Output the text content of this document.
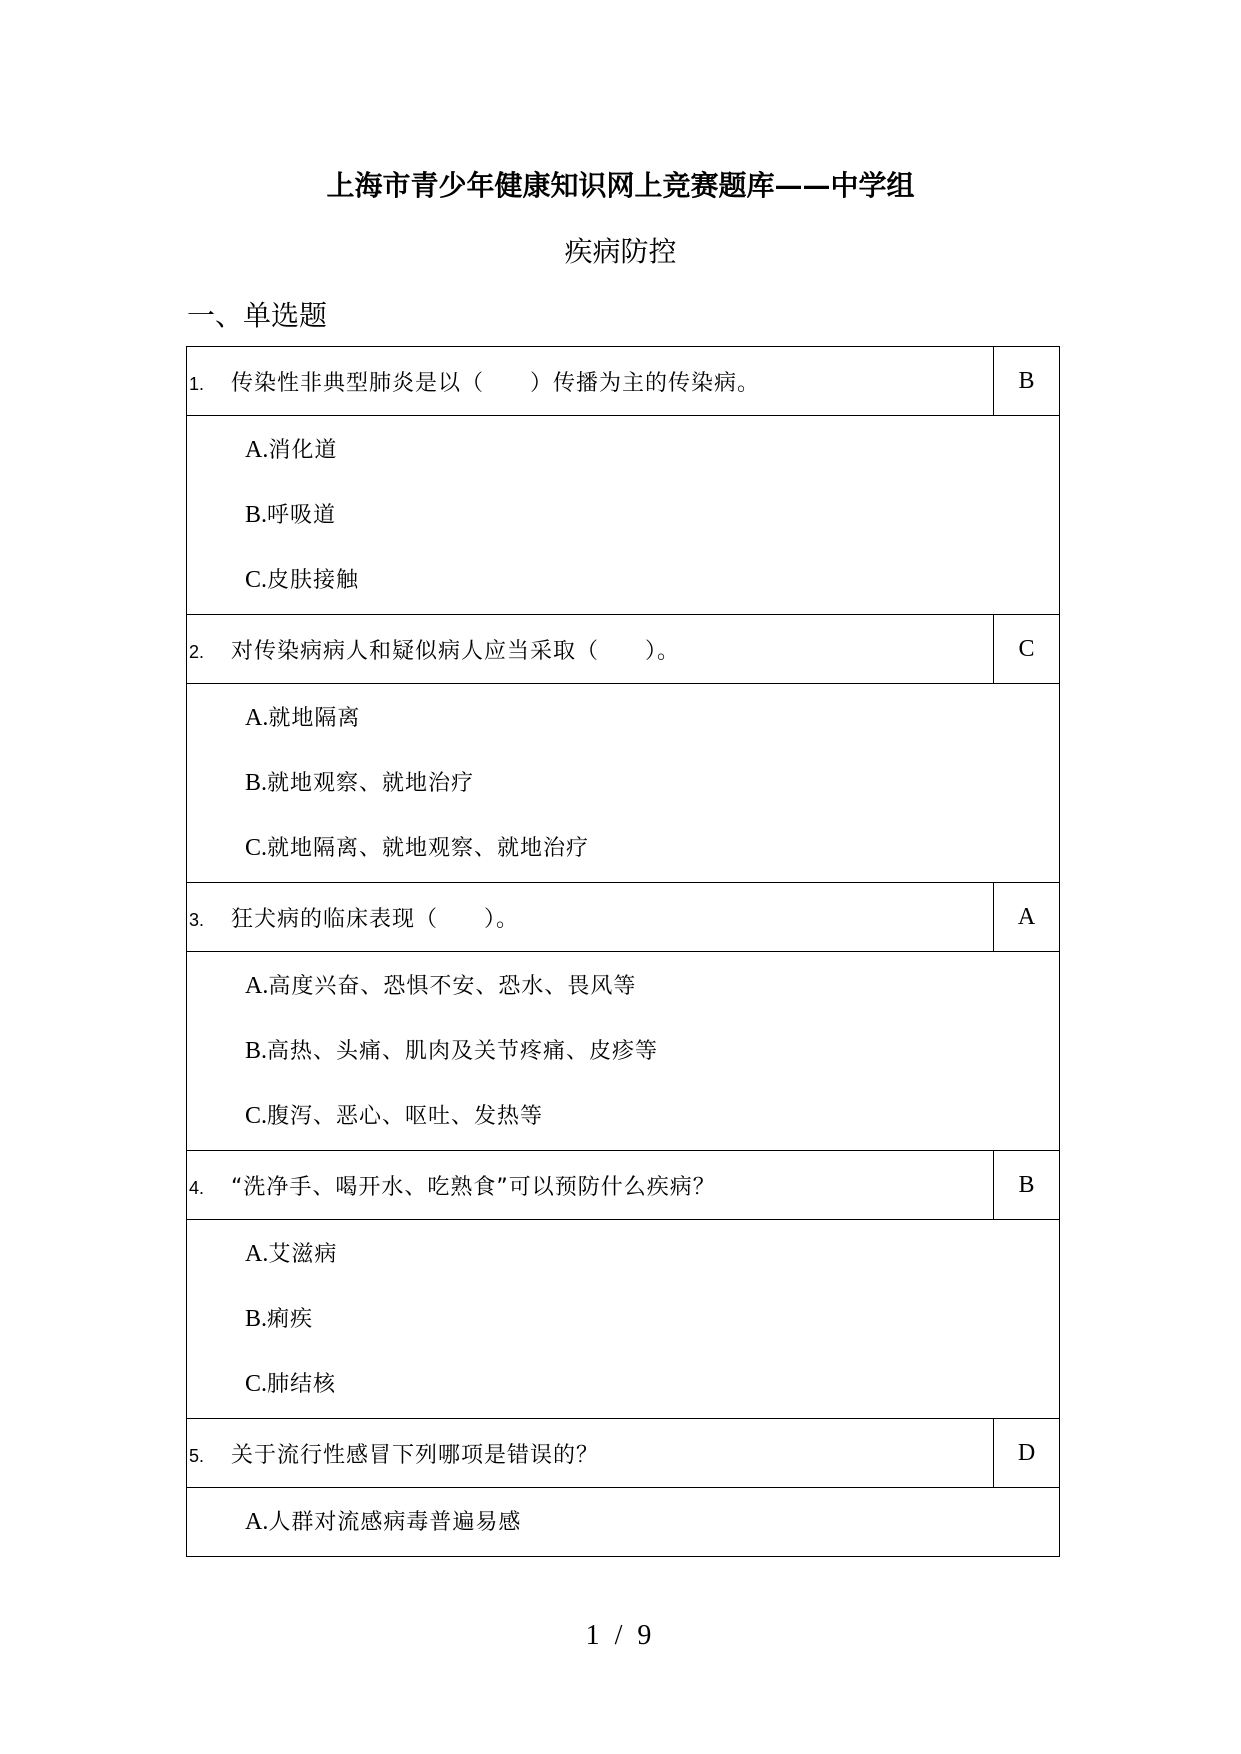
上海市青少年健康知识网上竞赛题库——中学组
疾病防控
一、单选题
1. 传染性非典型肺炎是以（　　）传播为主的传染病。	B

A.消化道
B.呼吸道
C.皮肤接触	

2. 对传染病病人和疑似病人应当采取（　　）。	C

A.就地隔离
B.就地观察、就地治疗
C.就地隔离、就地观察、就地治疗	

3. 狂犬病的临床表现（　　）。	A

A.高度兴奋、恐惧不安、恐水、畏风等
B.高热、头痛、肌肉及关节疼痛、皮疹等
C.腹泻、恶心、呕吐、发热等	

4. “洗净手、喝开水、吃熟食”可以预防什么疾病？	B

A.艾滋病
B.痢疾
C.肺结核	

5. 关于流行性感冒下列哪项是错误的？	D

A.人群对流感病毒普遍易感	
1 / 9
